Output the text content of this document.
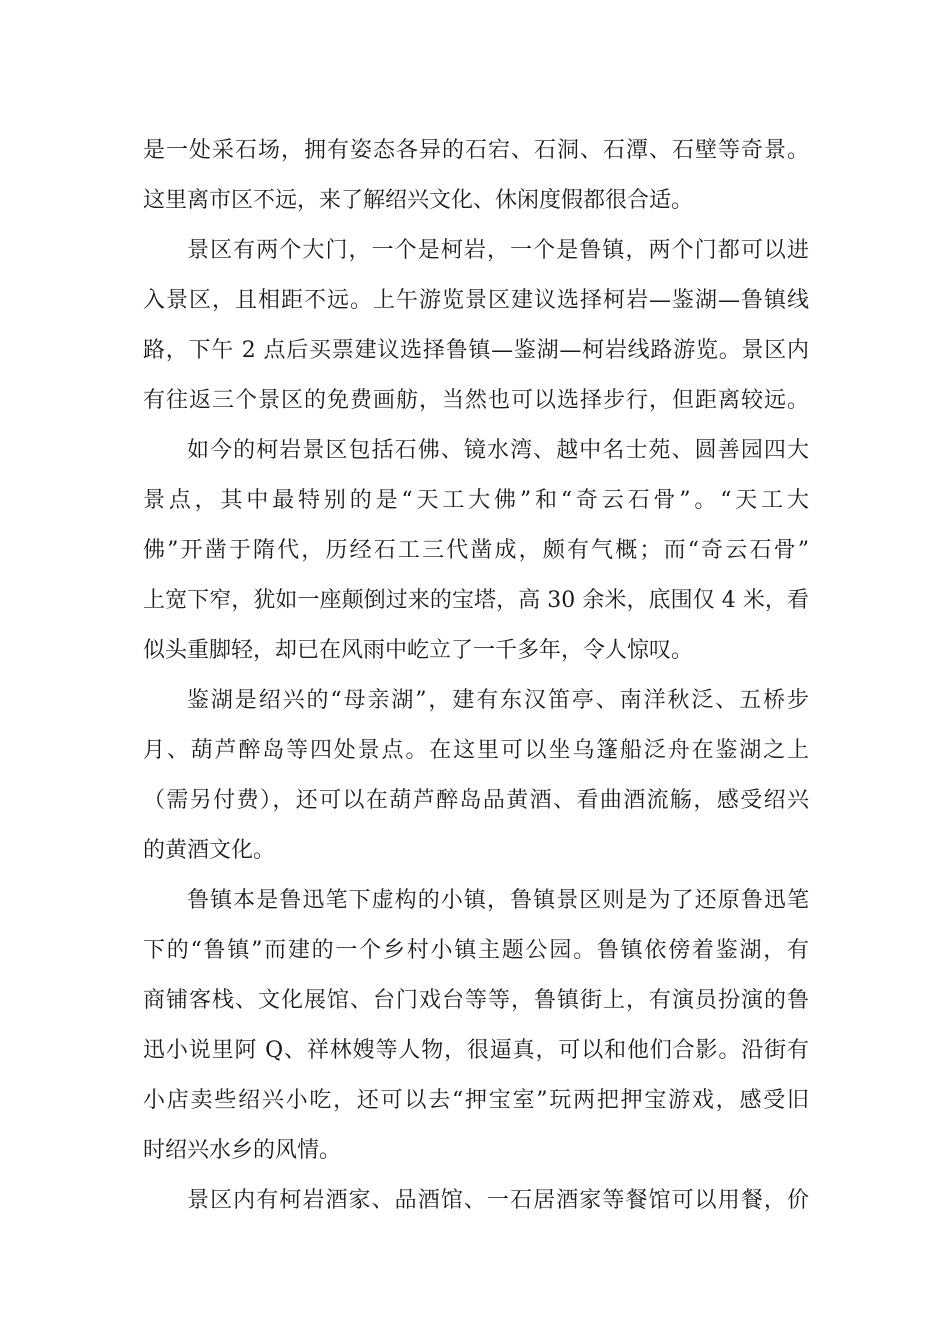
是一处采石场，拥有姿态各异的石宕、石洞、石潭、石壁等奇景。
这里离市区不远，来了解绍兴文化、休闲度假都很合适。
景区有两个大门，一个是柯岩，一个是鲁镇，两个门都可以进
入景区，且相距不远。上午游览景区建议选择柯岩—鉴湖—鲁镇线
路，下午 2 点后买票建议选择鲁镇—鉴湖—柯岩线路游览。景区内
有往返三个景区的免费画舫，当然也可以选择步行，但距离较远。
如今的柯岩景区包括石佛、镜水湾、越中名士苑、圆善园四大
景点，其中最特别的是“天工大佛”和“奇云石骨”。“天工大
佛”开凿于隋代，历经石工三代凿成，颇有气概；而“奇云石骨”
上宽下窄，犹如一座颠倒过来的宝塔，高 30 余米，底围仅 4 米，看
似头重脚轻，却已在风雨中屹立了一千多年，令人惊叹。
鉴湖是绍兴的“母亲湖”，建有东汉笛亭、南洋秋泛、五桥步
月、葫芦醉岛等四处景点。在这里可以坐乌篷船泛舟在鉴湖之上
（需另付费），还可以在葫芦醉岛品黄酒、看曲酒流觞，感受绍兴
的黄酒文化。
鲁镇本是鲁迅笔下虚构的小镇，鲁镇景区则是为了还原鲁迅笔
下的“鲁镇”而建的一个乡村小镇主题公园。鲁镇依傍着鉴湖，有
商铺客栈、文化展馆、台门戏台等等，鲁镇街上，有演员扮演的鲁
迅小说里阿 Q、祥林嫂等人物，很逼真，可以和他们合影。沿街有
小店卖些绍兴小吃，还可以去“押宝室”玩两把押宝游戏，感受旧
时绍兴水乡的风情。
景区内有柯岩酒家、品酒馆、一石居酒家等餐馆可以用餐，价
